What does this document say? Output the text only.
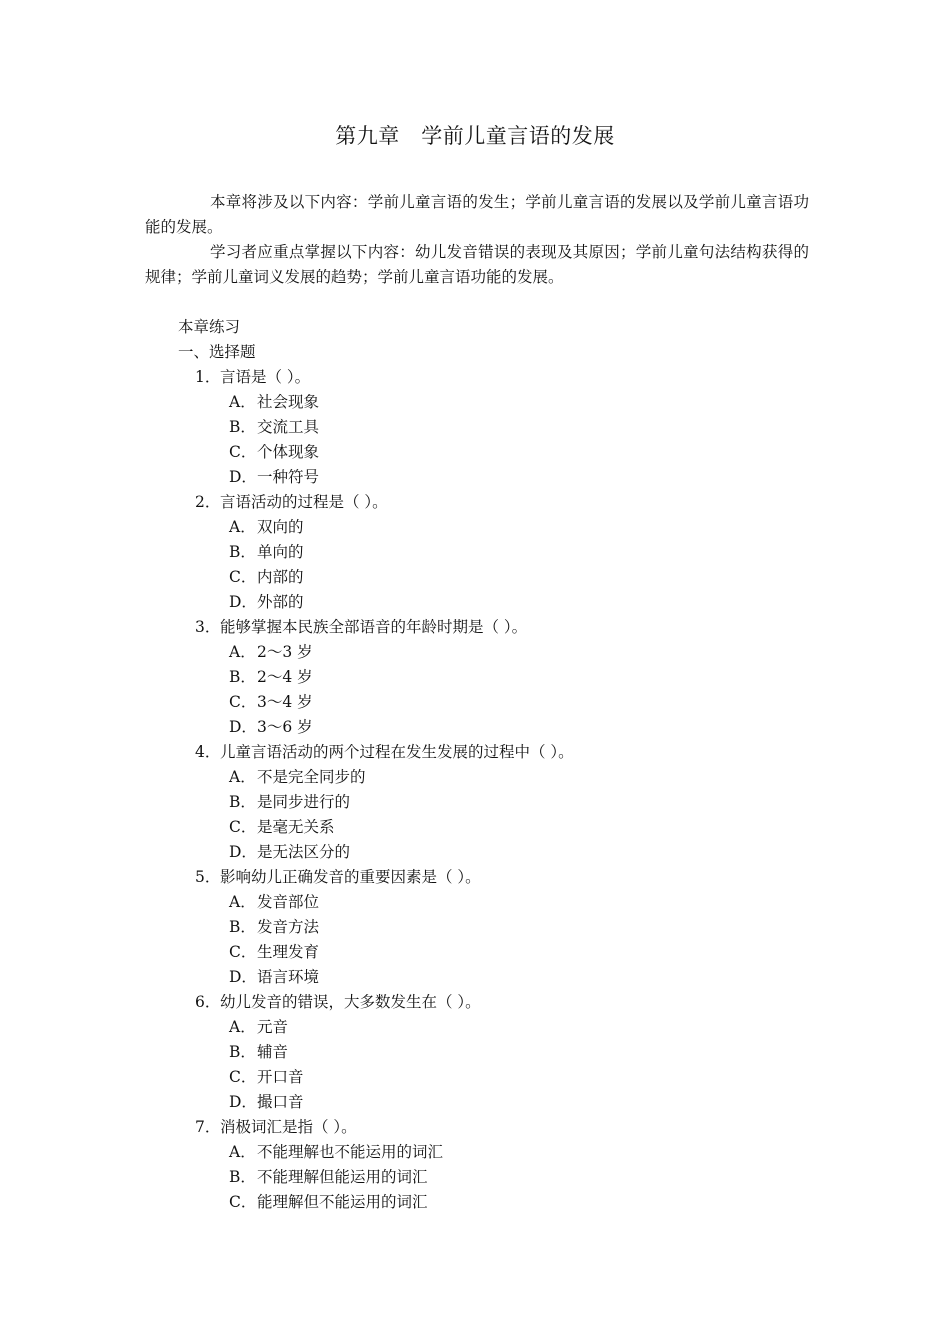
第九章　学前儿童言语的发展

本章将涉及以下内容：学前儿童言语的发生；学前儿童言语的发展以及学前儿童言语功能的发展。

学习者应重点掌握以下内容：幼儿发音错误的表现及其原因；学前儿童句法结构获得的规律；学前儿童词义发展的趋势；学前儿童言语功能的发展。

本章练习
一、选择题
1． 言语是（ ）。
A． 社会现象
B． 交流工具
C． 个体现象
D． 一种符号
2． 言语活动的过程是（ ）。
A． 双向的
B． 单向的
C． 内部的
D． 外部的
3． 能够掌握本民族全部语音的年龄时期是（ ）。
A． 2～3 岁
B． 2～4 岁
C． 3～4 岁
D． 3～6 岁
4． 儿童言语活动的两个过程在发生发展的过程中（ ）。
A． 不是完全同步的
B． 是同步进行的
C． 是毫无关系
D． 是无法区分的
5． 影响幼儿正确发音的重要因素是（ ）。
A． 发音部位
B． 发音方法
C． 生理发育
D． 语言环境
6． 幼儿发音的错误，大多数发生在（ ）。
A． 元音
B． 辅音
C． 开口音
D． 撮口音
7． 消极词汇是指（ ）。
A． 不能理解也不能运用的词汇
B． 不能理解但能运用的词汇
C． 能理解但不能运用的词汇
